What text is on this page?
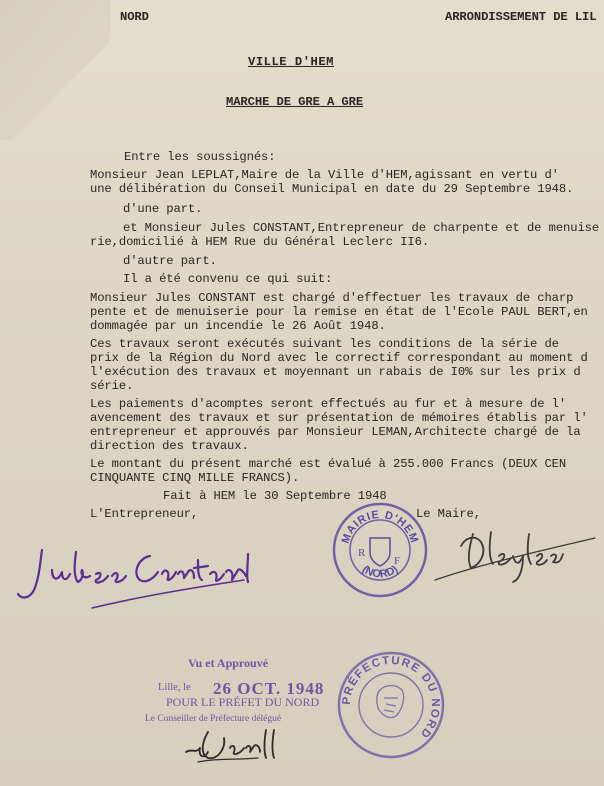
NORD	ARRONDISSEMENT DE LIL
VILLE D'HEM
MARCHE DE GRE A GRE
Entre les soussignés:
Monsieur Jean LEPLAT,Maire de la Ville d'HEM,agissant en vertu d'
une délibération du Conseil Municipal en date du 29 Septembre 1948.
d'une part.
et Monsieur Jules CONSTANT,Entrepreneur de charpente et de menuise
rie,domicilié à HEM Rue du Général Leclerc II6.
d'autre part.
Il a été convenu ce qui suit:
Monsieur Jules CONSTANT est chargé d'effectuer les travaux de charp
pente et de menuiserie pour la remise en état de l'Ecole PAUL BERT,en
dommagée par un incendie le 26 Août 1948.
Ces travaux seront exécutés suivant les conditions de la série de
prix de la Région du Nord avec le correctif correspondant au moment d
l'exécution des travaux et moyennant un rabais de I0% sur les prix d
série.
Les paiements d'acomptes seront effectués au fur et à mesure de l'
avencement des travaux et sur présentation de mémoires établis par l'
entrepreneur et approuvés par Monsieur LEMAN,Architecte chargé de la
direction des travaux.
Le montant du présent marché est évalué à 255.000 Francs (DEUX CEN
CINQUANTE CINQ MILLE FRANCS).
Fait à HEM le 30 Septembre 1948
L'Entrepreneur,	Le Maire,
MAIRIE D'HEM
(NORD)
R
F
Vu et Approuvé
Lille, le 26 OCT. 1948
POUR LE PRÉFET DU NORD
Le Conseiller de Préfecture délégué
PRÉFECTURE DU NORD
